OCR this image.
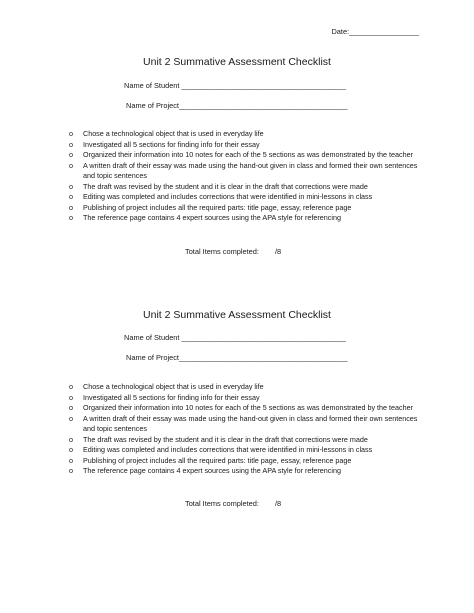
Date:_________________
Unit 2 Summative Assessment Checklist
Name of Student ________________________________________
Name of Project_________________________________________
o Chose a technological object that is used in everyday life
o Investigated all 5 sections for finding info for their essay
o Organized their information into 10 notes for each of the 5 sections as was demonstrated by the teacher
o A written draft of their essay was made using the hand-out given in class and formed their own sentences and topic sentences
o The draft was revised by the student and it is clear in the draft that corrections were made
o Editing was completed and includes corrections that were identified in mini-lessons in class
o Publishing of project includes all the required parts: title page, essay, reference page
o The reference page contains 4 expert sources using the APA style for referencing
Total Items completed: /8
Unit 2 Summative Assessment Checklist
Name of Student ________________________________________
Name of Project_________________________________________
o Chose a technological object that is used in everyday life
o Investigated all 5 sections for finding info for their essay
o Organized their information into 10 notes for each of the 5 sections as was demonstrated by the teacher
o A written draft of their essay was made using the hand-out given in class and formed their own sentences and topic sentences
o The draft was revised by the student and it is clear in the draft that corrections were made
o Editing was completed and includes corrections that were identified in mini-lessons in class
o Publishing of project includes all the required parts: title page, essay, reference page
o The reference page contains 4 expert sources using the APA style for referencing
Total Items completed: /8
